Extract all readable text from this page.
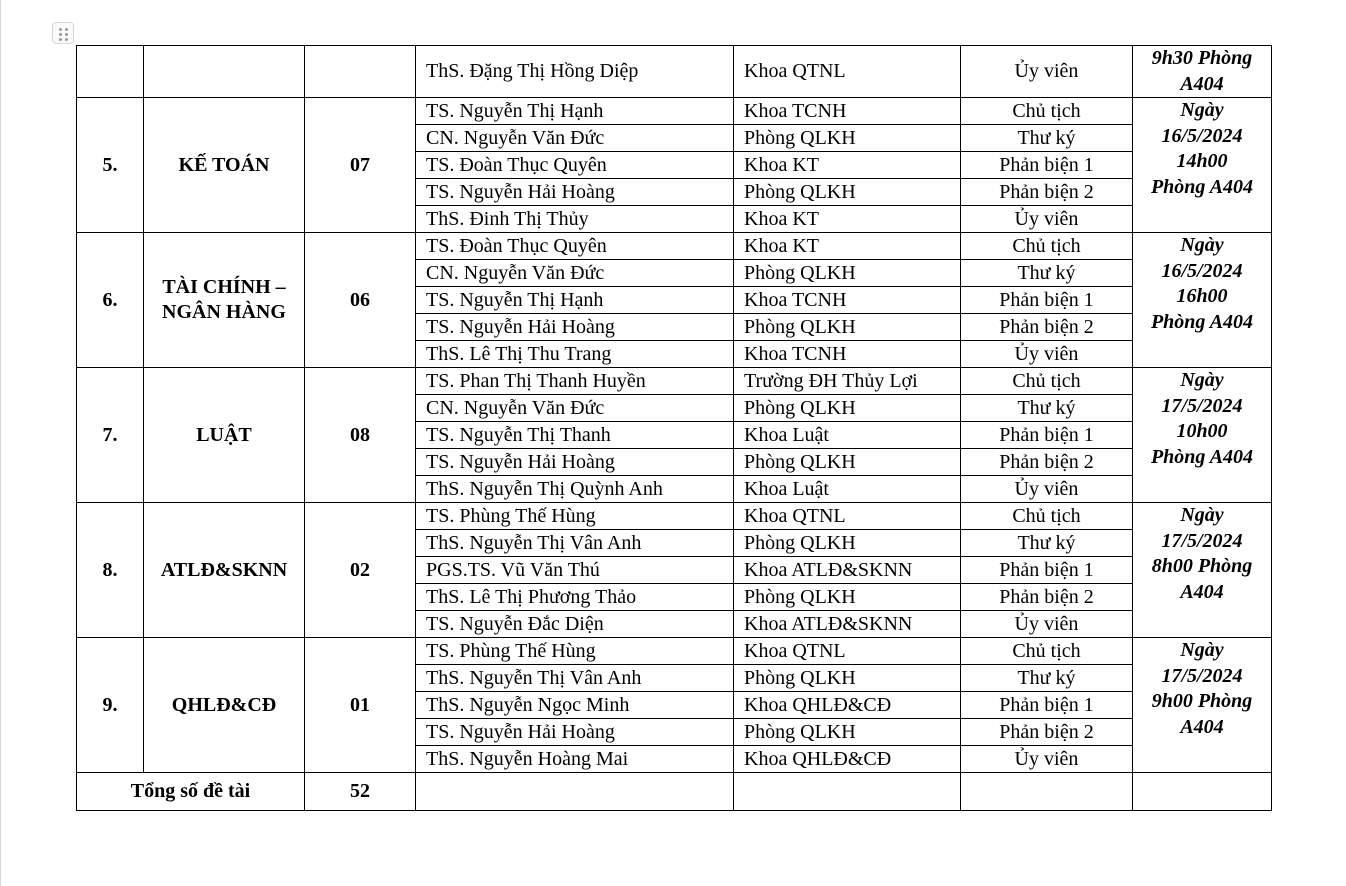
			ThS. Đặng Thị Hồng Diệp	Khoa QTNL	Ủy viên	9h30 Phòng
A404

5.	KẾ TOÁN	07	TS. Nguyễn Thị Hạnh	Khoa TCNH	Chủ tịch	Ngày
16/5/2024
14h00
Phòng A404

			CN. Nguyễn Văn Đức	Phòng QLKH	Thư ký	
			TS. Đoàn Thục Quyên	Khoa KT	Phản biện 1	
			TS. Nguyễn Hải Hoàng	Phòng QLKH	Phản biện 2	
			ThS. Đinh Thị Thủy	Khoa KT	Ủy viên	
6.	TÀI CHÍNH – NGÂN HÀNG	06	TS. Đoàn Thục Quyên	Khoa KT	Chủ tịch	Ngày
16/5/2024
16h00
Phòng A404

			CN. Nguyễn Văn Đức	Phòng QLKH	Thư ký	
			TS. Nguyễn Thị Hạnh	Khoa TCNH	Phản biện 1	
			TS. Nguyễn Hải Hoàng	Phòng QLKH	Phản biện 2	
			ThS. Lê Thị Thu Trang	Khoa TCNH	Ủy viên	
7.	LUẬT	08	TS. Phan Thị Thanh Huyền	Trường ĐH Thủy Lợi	Chủ tịch	Ngày
17/5/2024
10h00
Phòng A404

			CN. Nguyễn Văn Đức	Phòng QLKH	Thư ký	
			TS. Nguyễn Thị Thanh	Khoa Luật	Phản biện 1	
			TS. Nguyễn Hải Hoàng	Phòng QLKH	Phản biện 2	
			ThS. Nguyễn Thị Quỳnh Anh	Khoa Luật	Ủy viên	
8.	ATLĐ&SKNN	02	TS. Phùng Thế Hùng	Khoa QTNL	Chủ tịch	Ngày
17/5/2024
8h00 Phòng
A404

			ThS. Nguyễn Thị Vân Anh	Phòng QLKH	Thư ký	
			PGS.TS. Vũ Văn Thú	Khoa ATLĐ&SKNN	Phản biện 1	
			ThS. Lê Thị Phương Thảo	Phòng QLKH	Phản biện 2	
			TS. Nguyễn Đắc Diện	Khoa ATLĐ&SKNN	Ủy viên	
9.	QHLĐ&CĐ	01	TS. Phùng Thế Hùng	Khoa QTNL	Chủ tịch	Ngày
17/5/2024
9h00 Phòng
A404

			ThS. Nguyễn Thị Vân Anh	Phòng QLKH	Thư ký	
			ThS. Nguyễn Ngọc Minh	Khoa QHLĐ&CĐ	Phản biện 1	
			TS. Nguyễn Hải Hoàng	Phòng QLKH	Phản biện 2	
			ThS. Nguyễn Hoàng Mai	Khoa QHLĐ&CĐ	Ủy viên	
Tổng số đề tài		52				
